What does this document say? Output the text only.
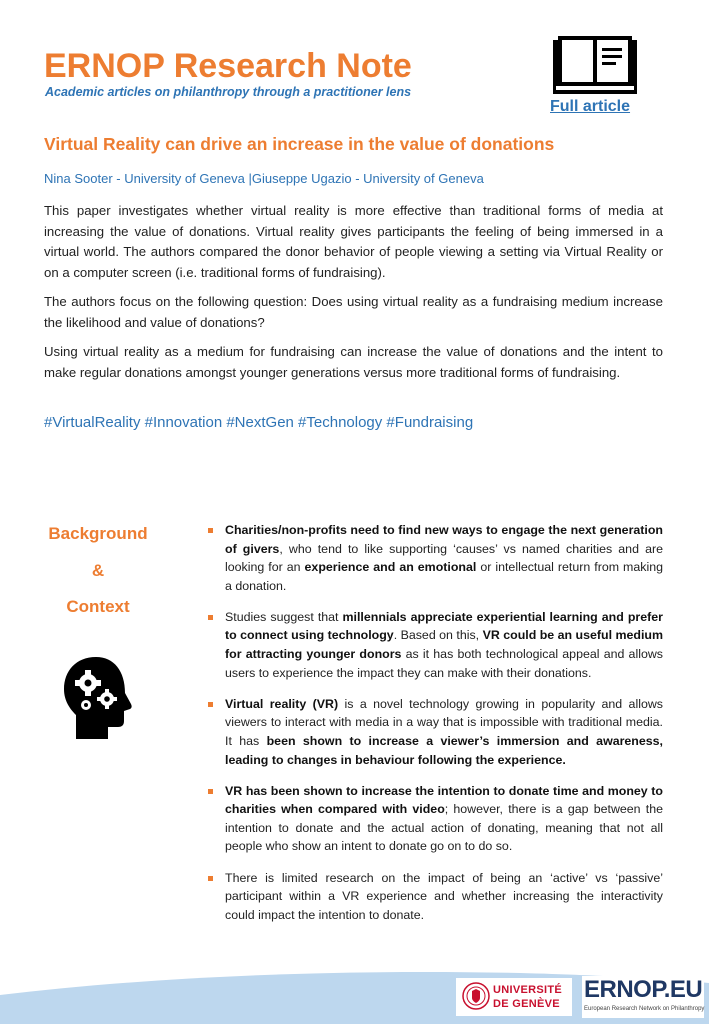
ERNOP Research Note
Academic articles on philanthropy through a practitioner lens
Full article
Virtual Reality can drive an increase in the value of donations
Nina Sooter - University of Geneva |Giuseppe Ugazio - University of Geneva
This paper investigates whether virtual reality is more effective than traditional forms of media at increasing the value of donations. Virtual reality gives participants the feeling of being immersed in a virtual world. The authors compared the donor behavior of people viewing a setting via Virtual Reality or on a computer screen (i.e. traditional forms of fundraising).
The authors focus on the following question: Does using virtual reality as a fundraising medium increase the likelihood and value of donations?
Using virtual reality as a medium for fundraising can increase the value of donations and the intent to make regular donations amongst younger generations versus more traditional forms of fundraising.
#VirtualReality #Innovation #NextGen #Technology #Fundraising
Background
&
Context
Charities/non-profits need to find new ways to engage the next generation of givers, who tend to like supporting ‘causes’ vs named charities and are looking for an experience and an emotional or intellectual return from making a donation.
Studies suggest that millennials appreciate experiential learning and prefer to connect using technology. Based on this, VR could be an useful medium for attracting younger donors as it has both technological appeal and allows users to experience the impact they can make with their donations.
Virtual reality (VR) is a novel technology growing in popularity and allows viewers to interact with media in a way that is impossible with traditional media. It has been shown to increase a viewer’s immersion and awareness, leading to changes in behaviour following the experience.
VR has been shown to increase the intention to donate time and money to charities when compared with video; however, there is a gap between the intention to donate and the actual action of donating, meaning that not all people who show an intent to donate go on to do so.
There is limited research on the impact of being an ‘active’ vs ‘passive’ participant within a VR experience and whether increasing the interactivity could impact the intention to donate.
UNIVERSITÉ
DE GENÈVE
ERNOP.EU
European Research Network on Philanthropy
